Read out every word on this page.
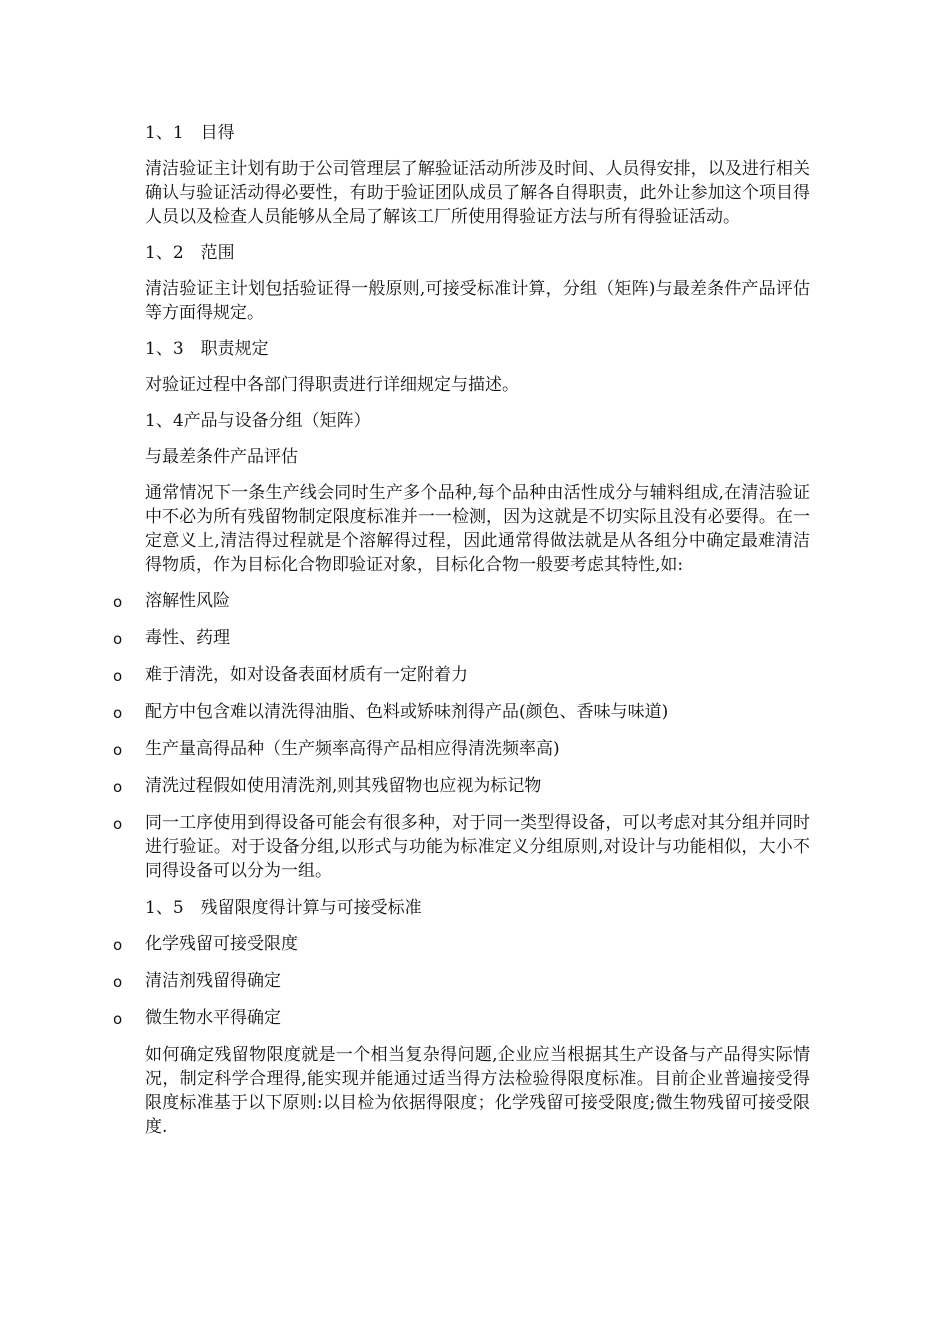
1、1　目得

清洁验证主计划有助于公司管理层了解验证活动所涉及时间、人员得安排，以及进行相关确认与验证活动得必要性，有助于验证团队成员了解各自得职责，此外让参加这个项目得人员以及检查人员能够从全局了解该工厂所使用得验证方法与所有得验证活动。

1、2　范围

清洁验证主计划包括验证得一般原则,可接受标准计算，分组（矩阵)与最差条件产品评估等方面得规定。

1、3　职责规定

对验证过程中各部门得职责进行详细规定与描述。

1、4产品与设备分组（矩阵）

与最差条件产品评估

通常情况下一条生产线会同时生产多个品种,每个品种由活性成分与辅料组成,在清洁验证中不必为所有残留物制定限度标准并一一检测，因为这就是不切实际且没有必要得。在一定意义上,清洁得过程就是个溶解得过程，因此通常得做法就是从各组分中确定最难清洁得物质，作为目标化合物即验证对象，目标化合物一般要考虑其特性,如:

o 溶解性风险
o 毒性、药理
o 难于清洗，如对设备表面材质有一定附着力
o 配方中包含难以清洗得油脂、色料或矫味剂得产品(颜色、香味与味道)
o 生产量高得品种（生产频率高得产品相应得清洗频率高)
o 清洗过程假如使用清洗剂,则其残留物也应视为标记物
o 同一工序使用到得设备可能会有很多种，对于同一类型得设备，可以考虑对其分组并同时进行验证。对于设备分组,以形式与功能为标准定义分组原则,对设计与功能相似，大小不同得设备可以分为一组。

1、5　残留限度得计算与可接受标准

o 化学残留可接受限度
o 清洁剂残留得确定
o 微生物水平得确定

如何确定残留物限度就是一个相当复杂得问题,企业应当根据其生产设备与产品得实际情况，制定科学合理得,能实现并能通过适当得方法检验得限度标准。目前企业普遍接受得限度标准基于以下原则:以目检为依据得限度；化学残留可接受限度;微生物残留可接受限度.
